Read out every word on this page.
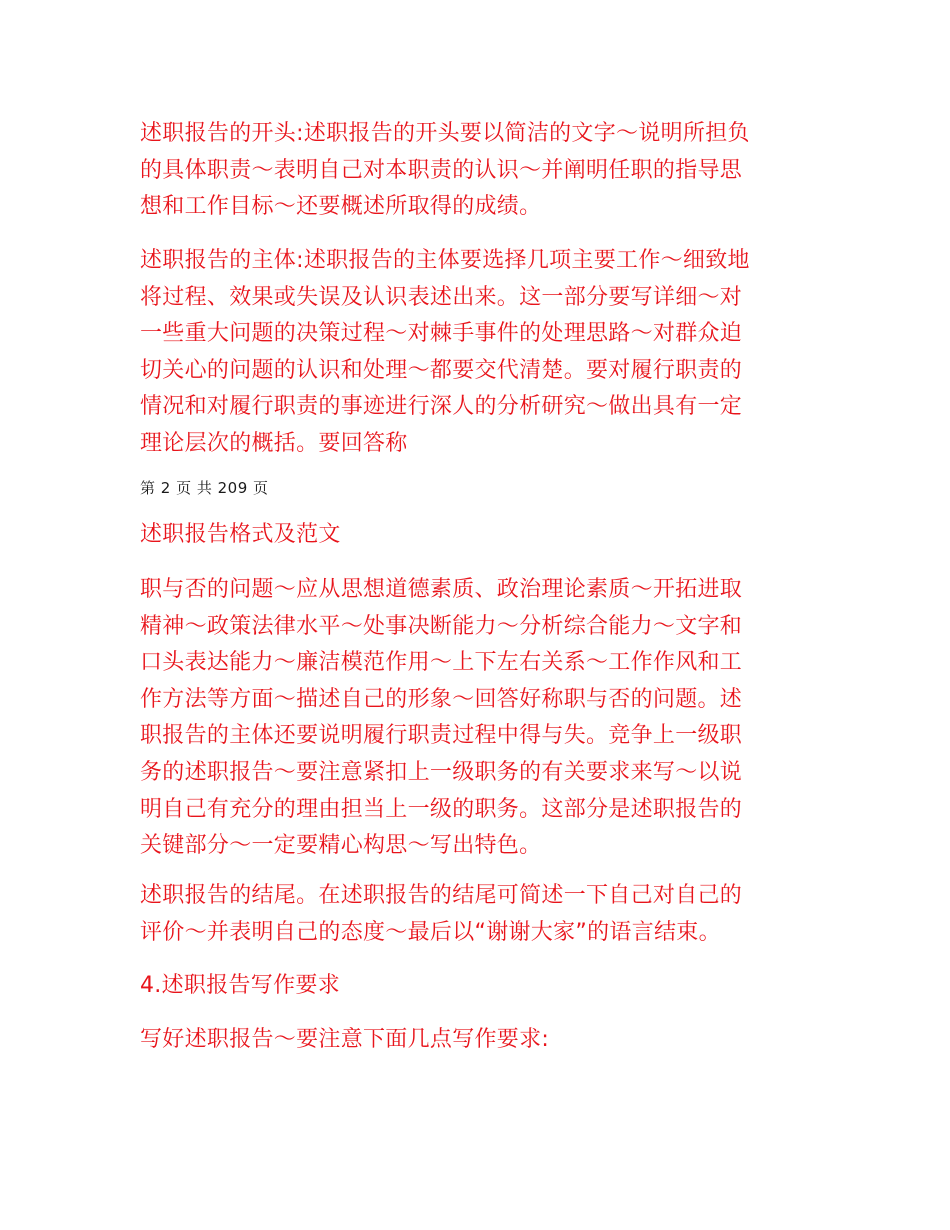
述职报告的开头:述职报告的开头要以简洁的文字～说明所担负
的具体职责～表明自己对本职责的认识～并阐明任职的指导思
想和工作目标～还要概述所取得的成绩。

述职报告的主体:述职报告的主体要选择几项主要工作～细致地
将过程、效果或失误及认识表述出来。这一部分要写详细～对
一些重大问题的决策过程～对棘手事件的处理思路～对群众迫
切关心的问题的认识和处理～都要交代清楚。要对履行职责的
情况和对履行职责的事迹进行深人的分析研究～做出具有一定
理论层次的概括。要回答称

第 2 页 共 209 页

述职报告格式及范文

职与否的问题～应从思想道德素质、政治理论素质～开拓进取
精神～政策法律水平～处事决断能力～分析综合能力～文字和
口头表达能力～廉洁模范作用～上下左右关系～工作作风和工
作方法等方面～描述自己的形象～回答好称职与否的问题。述
职报告的主体还要说明履行职责过程中得与失。竞争上一级职
务的述职报告～要注意紧扣上一级职务的有关要求来写～以说
明自己有充分的理由担当上一级的职务。这部分是述职报告的
关键部分～一定要精心构思～写出特色。

述职报告的结尾。在述职报告的结尾可简述一下自己对自己的
评价～并表明自己的态度～最后以“谢谢大家”的语言结束。

4.述职报告写作要求

写好述职报告～要注意下面几点写作要求:
